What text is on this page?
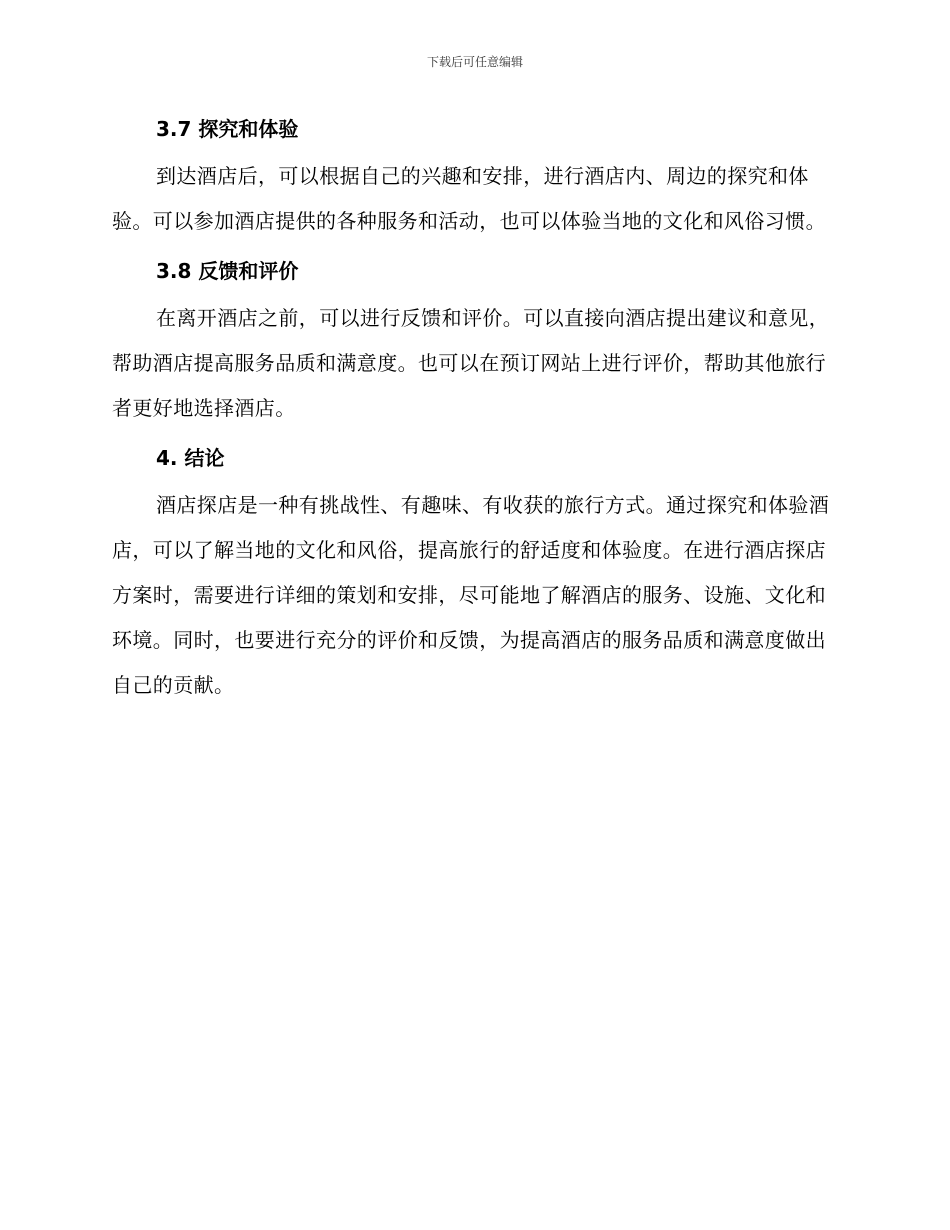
下载后可任意编辑
3.7 探究和体验

到达酒店后，可以根据自己的兴趣和安排，进行酒店内、周边的探究和体验。可以参加酒店提供的各种服务和活动，也可以体验当地的文化和风俗习惯。

3.8 反馈和评价

在离开酒店之前，可以进行反馈和评价。可以直接向酒店提出建议和意见，帮助酒店提高服务品质和满意度。也可以在预订网站上进行评价，帮助其他旅行者更好地选择酒店。

4. 结论

酒店探店是一种有挑战性、有趣味、有收获的旅行方式。通过探究和体验酒店，可以了解当地的文化和风俗，提高旅行的舒适度和体验度。在进行酒店探店方案时，需要进行详细的策划和安排，尽可能地了解酒店的服务、设施、文化和环境。同时，也要进行充分的评价和反馈，为提高酒店的服务品质和满意度做出自己的贡献。
